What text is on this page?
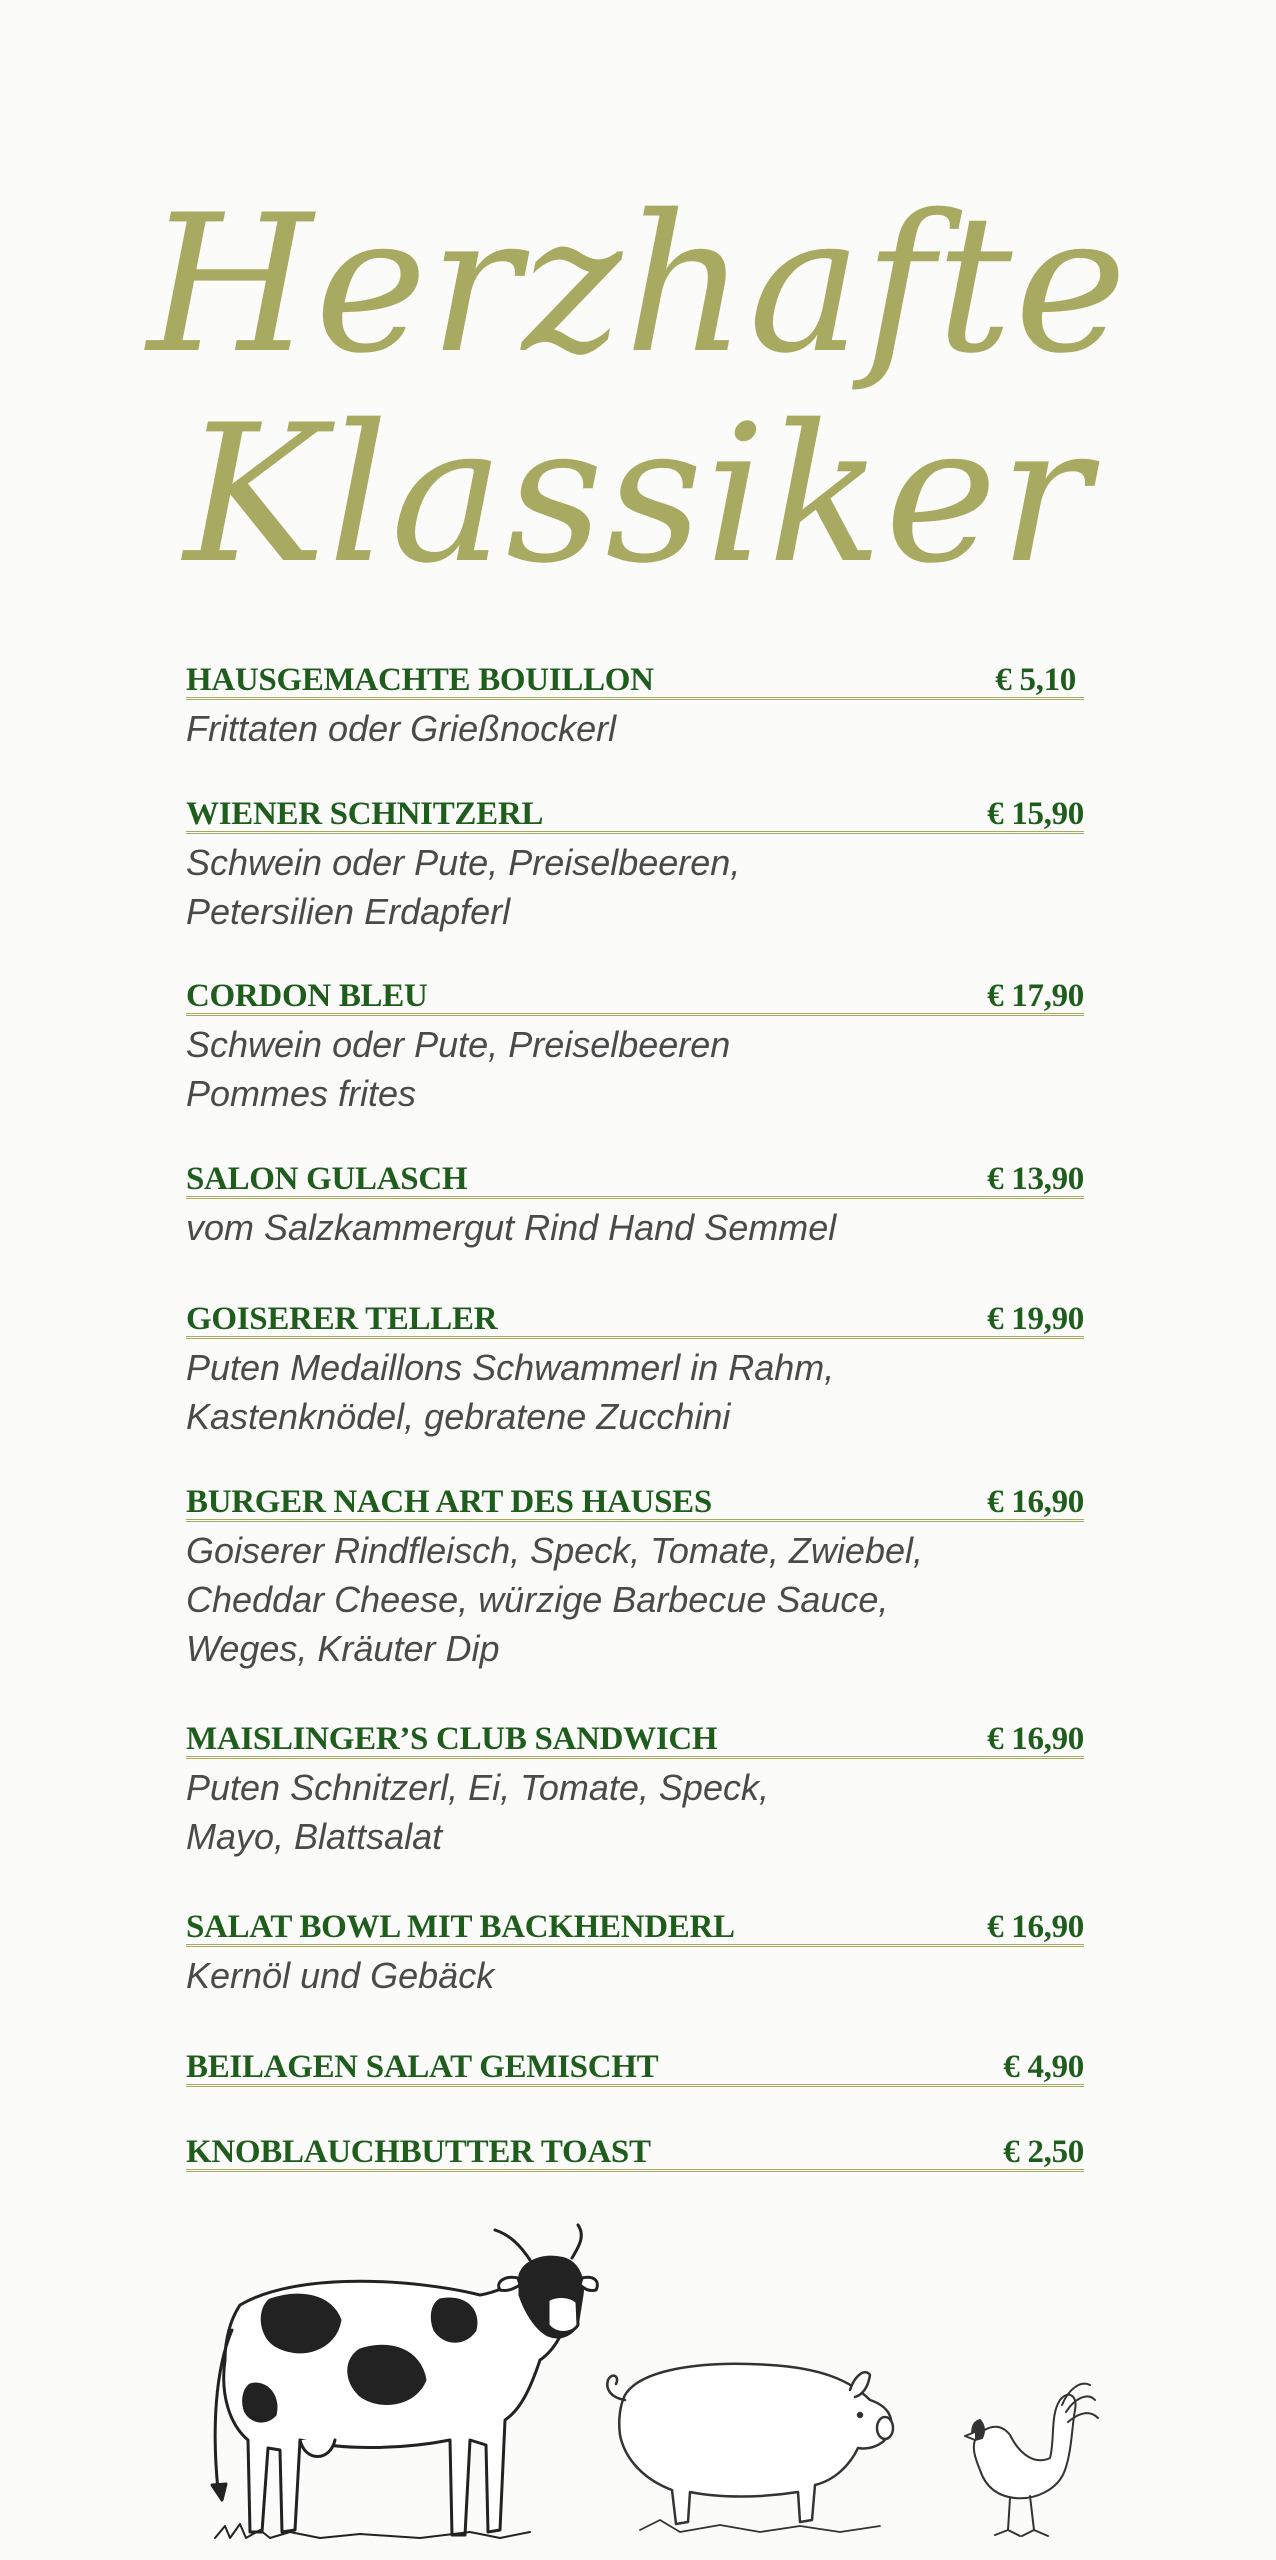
Herzhafte
Klassiker
HAUSGEMACHTE BOUILLON	€ 5,10
Frittaten oder Grießnockerl
WIENER SCHNITZERL	€ 15,90
Schwein oder Pute, Preiselbeeren,
Petersilien Erdapferl
CORDON BLEU	€ 17,90
Schwein oder Pute, Preiselbeeren
Pommes frites
SALON GULASCH	€ 13,90
vom Salzkammergut Rind Hand Semmel
GOISERER TELLER	€ 19,90
Puten Medaillons Schwammerl in Rahm,
Kastenknödel, gebratene Zucchini
BURGER NACH ART DES HAUSES	€ 16,90
Goiserer Rindfleisch, Speck, Tomate, Zwiebel,
Cheddar Cheese, würzige Barbecue Sauce,
Weges, Kräuter Dip
MAISLINGER’S CLUB SANDWICH	€ 16,90
Puten Schnitzerl, Ei, Tomate, Speck,
Mayo, Blattsalat
SALAT BOWL MIT BACKHENDERL	€ 16,90
Kernöl und Gebäck
BEILAGEN SALAT GEMISCHT	€ 4,90
KNOBLAUCHBUTTER TOAST	€ 2,50
